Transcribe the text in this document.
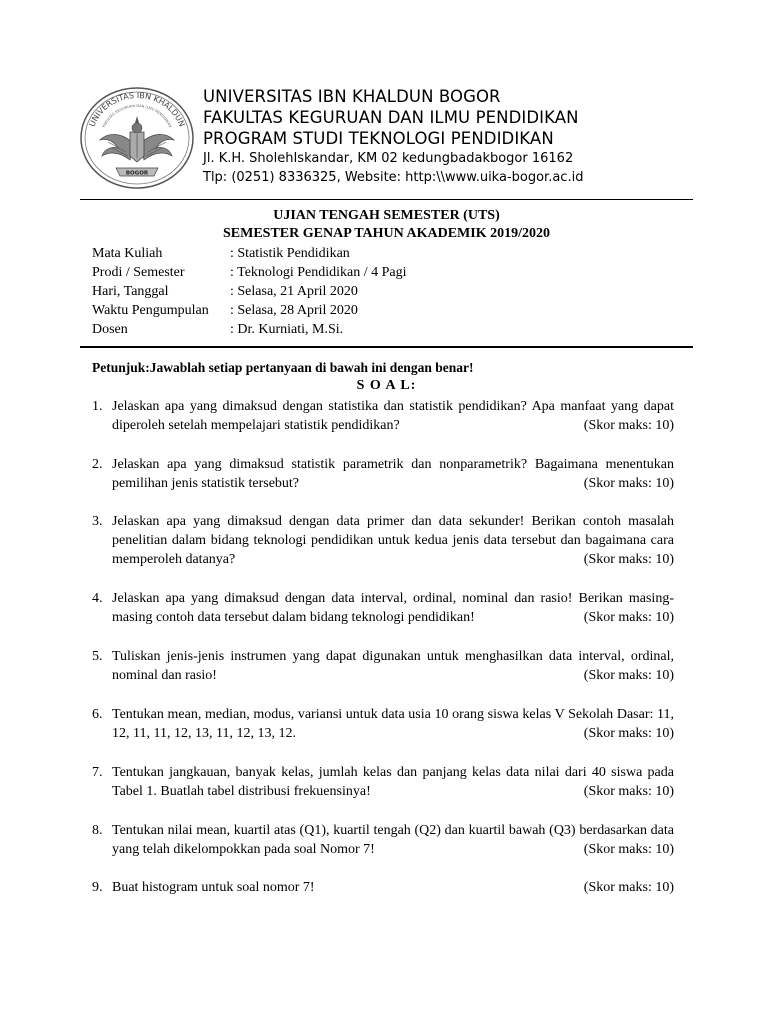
UNIVERSITAS IBN KHALDUN
FAKULTAS KEGURUAN DAN ILMU PENDIDIKAN
BOGOR
UNIVERSITAS IBN KHALDUN BOGOR
FAKULTAS KEGURUAN DAN ILMU PENDIDIKAN
PROGRAM STUDI TEKNOLOGI PENDIDIKAN
Jl. K.H. SholehIskandar, KM 02 kedungbadakbogor 16162
Tlp: (0251) 8336325, Website: http:\\www.uika-bogor.ac.id
UJIAN TENGAH SEMESTER (UTS)
SEMESTER GENAP TAHUN AKADEMIK 2019/2020
Mata Kuliah	: Statistik Pendidikan
Prodi / Semester	: Teknologi Pendidikan / 4 Pagi
Hari, Tanggal	: Selasa, 21 April 2020
Waktu Pengumpulan : Selasa, 28 April 2020
Dosen	: Dr. Kurniati, M.Si.
Petunjuk:Jawablah setiap pertanyaan di bawah ini dengan benar!
S O A L:
1. Jelaskan apa yang dimaksud dengan statistika dan statistik pendidikan? Apa manfaat yang dapat diperoleh setelah mempelajari statistik pendidikan?	(Skor maks: 10)
2. Jelaskan apa yang dimaksud statistik parametrik dan nonparametrik? Bagaimana menentukan pemilihan jenis statistik tersebut?	(Skor maks: 10)
3. Jelaskan apa yang dimaksud dengan data primer dan data sekunder! Berikan contoh masalah penelitian dalam bidang teknologi pendidikan untuk kedua jenis data tersebut dan bagaimana cara memperoleh datanya?	(Skor maks: 10)
4. Jelaskan apa yang dimaksud dengan data interval, ordinal, nominal dan rasio! Berikan masing-masing contoh data tersebut dalam bidang teknologi pendidikan!	(Skor maks: 10)
5. Tuliskan jenis-jenis instrumen yang dapat digunakan untuk menghasilkan data interval, ordinal, nominal dan rasio!	(Skor maks: 10)
6. Tentukan mean, median, modus, variansi untuk data usia 10 orang siswa kelas V Sekolah Dasar: 11, 12, 11, 11, 12, 13, 11, 12, 13, 12.	(Skor maks: 10)
7. Tentukan jangkauan, banyak kelas, jumlah kelas dan panjang kelas data nilai dari 40 siswa pada Tabel 1. Buatlah tabel distribusi frekuensinya!	(Skor maks: 10)
8. Tentukan nilai mean, kuartil atas (Q1), kuartil tengah (Q2) dan kuartil bawah (Q3) berdasarkan data yang telah dikelompokkan pada soal Nomor 7!	(Skor maks: 10)
9. Buat histogram untuk soal nomor 7!	(Skor maks: 10)
